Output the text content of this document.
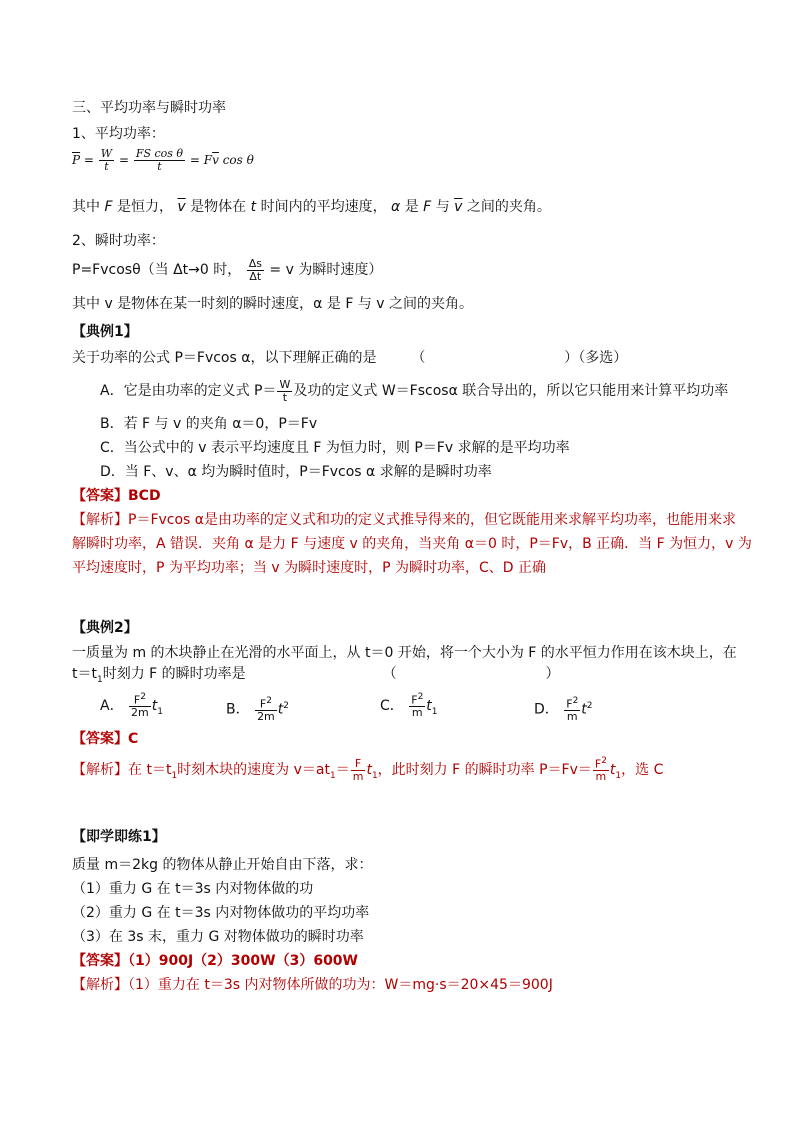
三、平均功率与瞬时功率
1、平均功率：
$\overline{P} = \frac{W}{t} = \frac{\text{FS cos θ}}{t} = F\overline{v}$ cos θ
其中 F 是恒力， $\overline{v}$ 是物体在 t 时间内的平均速度， α 是 F 与 $\overline{v}$ 之间的夹角。
2、瞬时功率：
P=Fvcosθ（当 Δt→0 时， $\frac{\Delta s}{\Delta t} = v$ 为瞬时速度）
其中 v 是物体在某一时刻的瞬时速度，α 是 F 与 v 之间的夹角。
【典例1】
关于功率的公式 P＝Fvcos α，以下理解正确的是 （	）（多选）
A．它是由功率的定义式 $P= \frac{W}{t}$ 及功的定义式 W＝Fscosα 联合导出的，所以它只能用来计算平均功率
B．若 F 与 v 的夹角 α＝0，P＝Fv
C．当公式中的 v 表示平均速度且 F 为恒力时，则 P＝Fv 求解的是平均功率
D．当 F、v、α 均为瞬时值时，P＝Fvcos α 求解的是瞬时功率
【答案】BCD
【解析】P＝Fvcos α是由功率的定义式和功的定义式推导得来的，但它既能用来求解平均功率，也能用来求
解瞬时功率，A 错误．夹角 α 是力 F 与速度 v 的夹角，当夹角 α＝0 时，P＝Fv，B 正确．当 F 为恒力，v 为
平均速度时，P 为平均功率；当 v 为瞬时速度时，P 为瞬时功率，C、D 正确
【典例2】
一质量为 m 的木块静止在光滑的水平面上，从 t＝0 开始，将一个大小为 F 的水平恒力作用在该木块上，在
$t=t_1$时刻力 F 的瞬时功率是	（	）
A． $\frac{F^2}{2m} t_1$	B． $\frac{F^2}{2m} t^2$	C． $\frac{F^2}{m} t_1$	D． $\frac{F^2}{m} t^2$
【答案】C
【解析】在 $t=t_1$时刻木块的速度为 $v=at_1= \frac{F}{m} t_1$，此时刻力 F 的瞬时功率 $P=Fv= \frac{F^2}{m} t_1$，选 C
【即学即练1】
质量 m＝2kg 的物体从静止开始自由下落，求：
（1）重力 G 在 t＝3s 内对物体做的功
（2）重力 G 在 t＝3s 内对物体做功的平均功率
（3）在 3s 末，重力 G 对物体做功的瞬时功率
【答案】（1）900J（2）300W（3）600W
【解析】（1）重力在 t＝3s 内对物体所做的功为：W＝mg·s＝20×45＝900J
